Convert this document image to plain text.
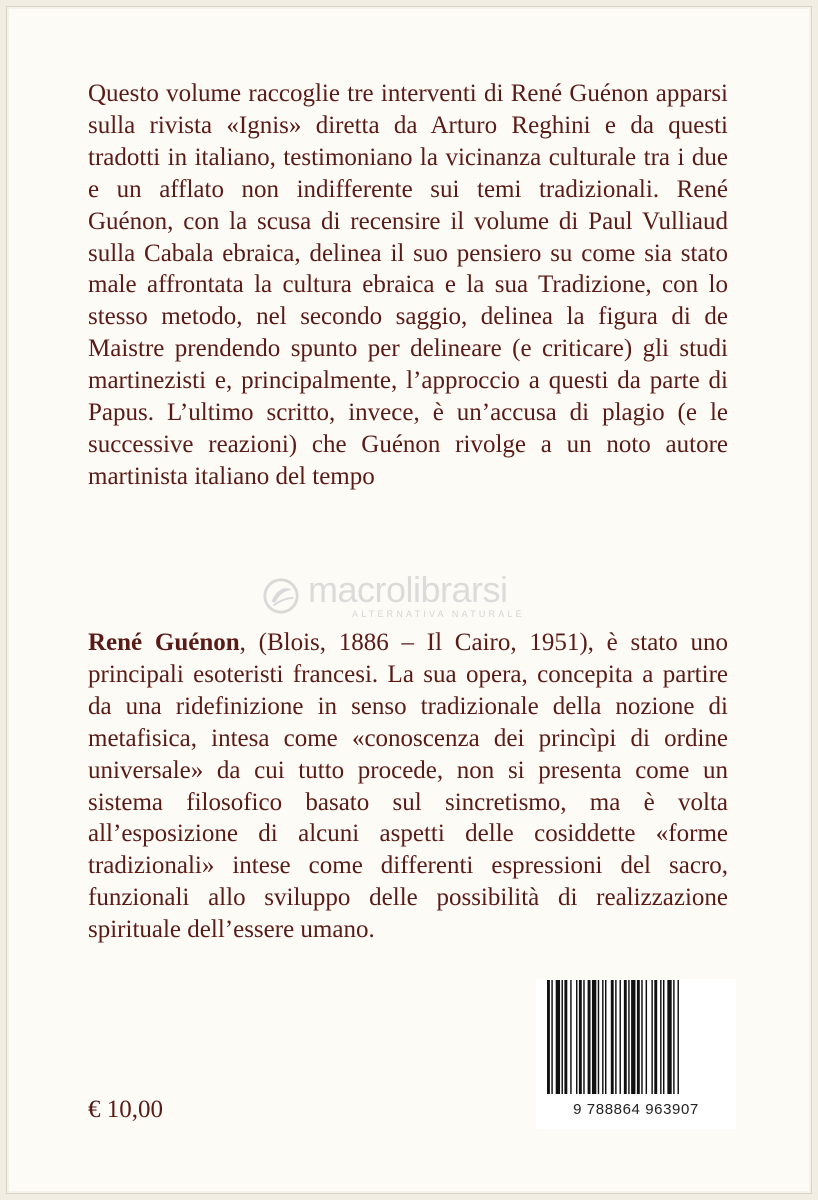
Questo volume raccoglie tre interventi di René Guénon apparsi sulla rivista «Ignis» diretta da Arturo Reghini e da questi tradotti in italiano, testimoniano la vicinanza culturale tra i due e un afflato non indifferente sui temi tradizionali. René Guénon, con la scusa di recensire il volume di Paul Vulliaud sulla Cabala ebraica, delinea il suo pensiero su come sia stato male affrontata la cultura ebraica e la sua Tradizione, con lo stesso metodo, nel secondo saggio, delinea la figura di de Maistre prendendo spunto per delineare (e criticare) gli studi martinezisti e, principalmente, l’approccio a questi da parte di Papus. L’ultimo scritto, invece, è un’accusa di plagio (e le successive reazioni) che Guénon rivolge a un noto autore martinista italiano del tempo

macrolibrarsi
ALTERNATIVA NATURALE

René Guénon, (Blois, 1886 – Il Cairo, 1951), è stato uno principali esoteristi francesi. La sua opera, concepita a partire da una ridefinizione in senso tradizionale della nozione di metafisica, intesa come «conoscenza dei princìpi di ordine universale» da cui tutto procede, non si presenta come un sistema filosofico basato sul sincretismo, ma è volta all’esposizione di alcuni aspetti delle cosiddette «forme tradizionali» intese come differenti espressioni del sacro, funzionali allo sviluppo delle possibilità di realizzazione spirituale dell’essere umano.

€ 10,00	9 788864 963907
